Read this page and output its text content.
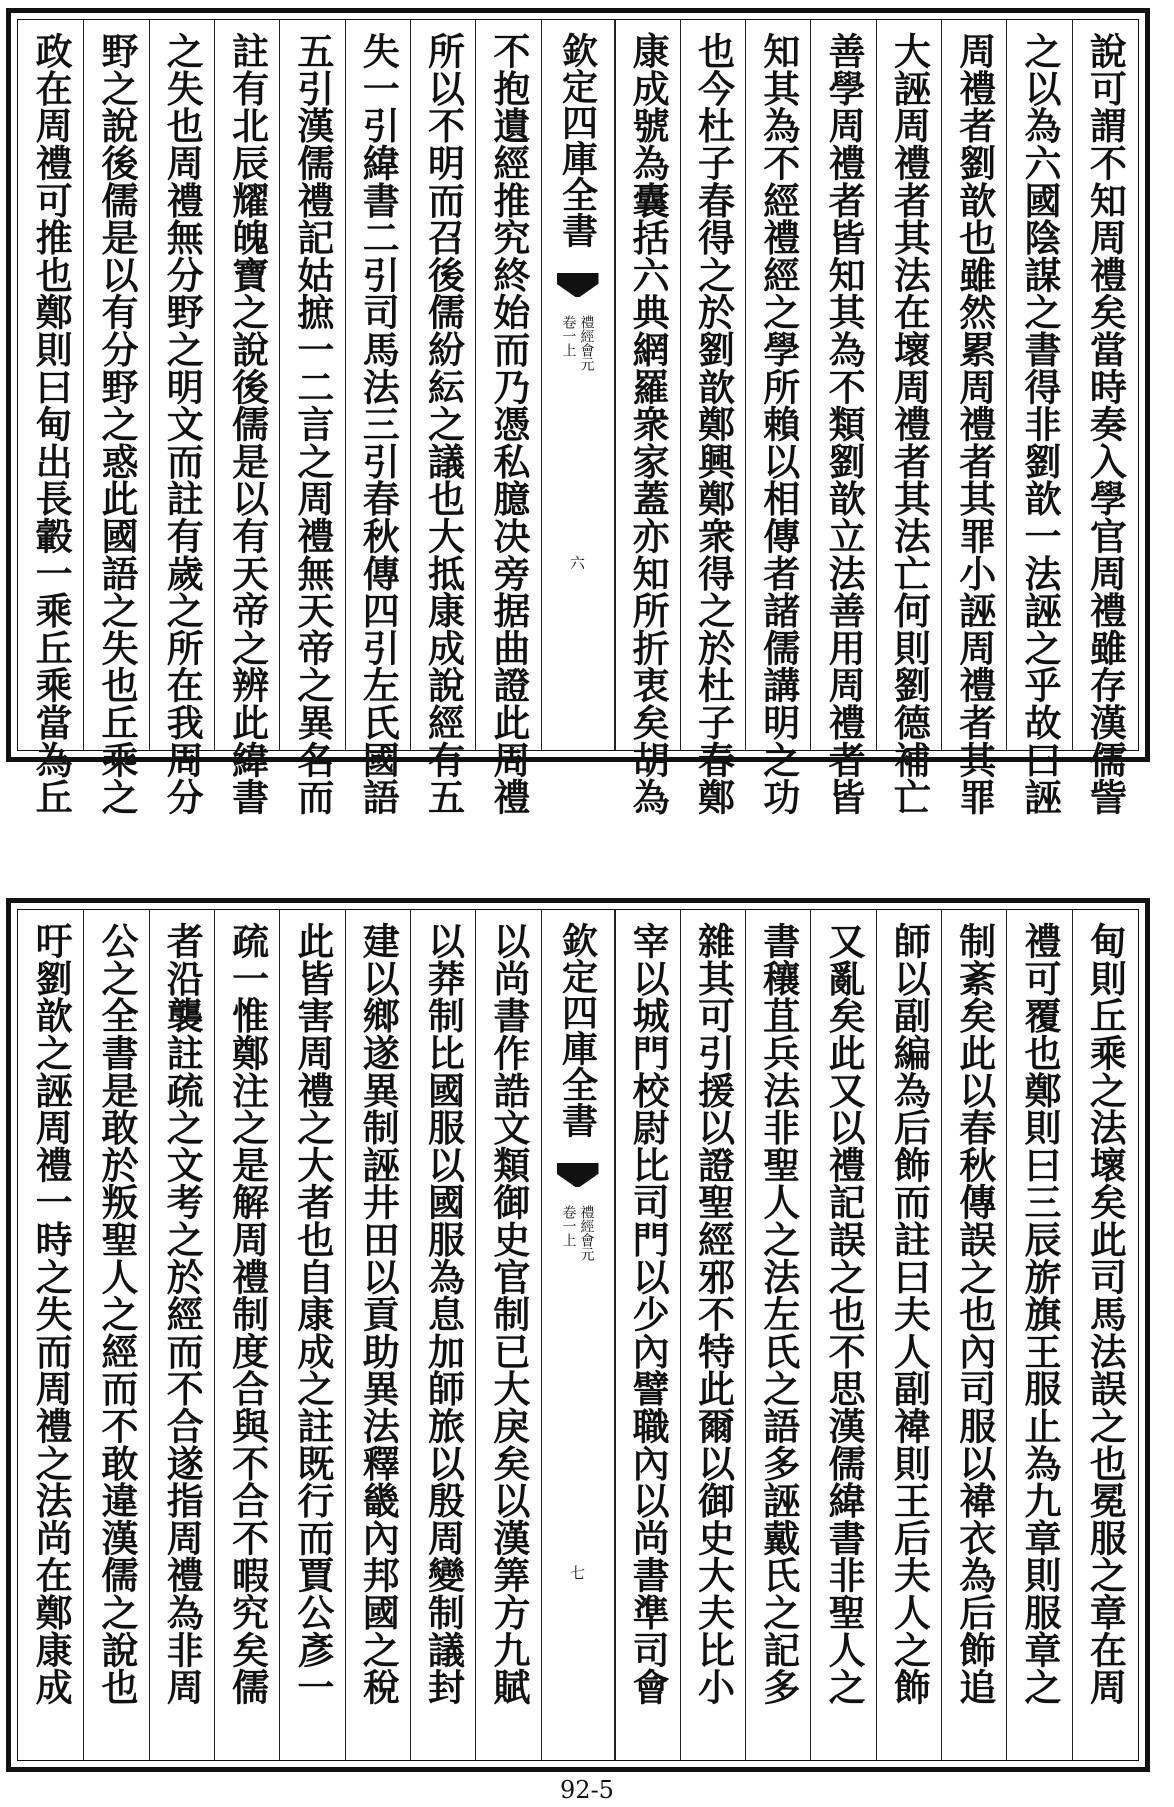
說可謂不知周禮矣當時奏入學官周禮雖存漢儒訾
之以為六國陰謀之書得非劉歆一法誣之乎故曰誣
周禮者劉歆也雖然累周禮者其罪小誣周禮者其罪
大誣周禮者其法在壞周禮者其法亡何則劉德補亡
善學周禮者皆知其為不類劉歆立法善用周禮者皆
知其為不經禮經之學所賴以相傳者諸儒講明之功
也今杜子春得之於劉歆鄭興鄭衆得之於杜子春鄭
康成號為囊括六典網羅衆家蓋亦知所折衷矣胡為
欽定四庫全書
禮經會元
卷一上
六
不抱遺經推究終始而乃憑私臆决旁据曲證此周禮
所以不明而召後儒紛紜之議也大抵康成說經有五
失一引緯書二引司馬法三引春秋傳四引左氏國語
五引漢儒禮記姑摭一二言之周禮無天帝之異名而
註有北辰耀魄寶之說後儒是以有天帝之辨此緯書
之失也周禮無分野之明文而註有歲之所在我周分
野之說後儒是以有分野之惑此國語之失也丘乘之
政在周禮可推也鄭則曰甸出長轂一乘丘乘當為丘
甸則丘乘之法壞矣此司馬法誤之也冕服之章在周
禮可覆也鄭則曰三辰旂旗王服止為九章則服章之
制紊矣此以春秋傳誤之也內司服以褘衣為后飾追
師以副編為后飾而註曰夫人副褘則王后夫人之飾
又亂矣此又以禮記誤之也不思漢儒緯書非聖人之
書穰苴兵法非聖人之法左氏之語多誣戴氏之記多
雜其可引援以證聖經邪不特此爾以御史大夫比小
宰以城門校尉比司門以少內譬職內以尚書準司會
欽定四庫全書
禮經會元
卷一上
七
以尚書作誥文類御史官制已大戾矣以漢筭方九賦
以莽制比國服以國服為息加師旅以殷周變制議封
建以鄉遂異制誣井田以貢助異法釋畿內邦國之稅
此皆害周禮之大者也自康成之註既行而賈公彥一
疏一惟鄭注之是解周禮制度合與不合不暇究矣儒
者沿襲註疏之文考之於經而不合遂指周禮為非周
公之全書是敢於叛聖人之經而不敢違漢儒之說也
吁劉歆之誣周禮一時之失而周禮之法尚在鄭康成
92-5
